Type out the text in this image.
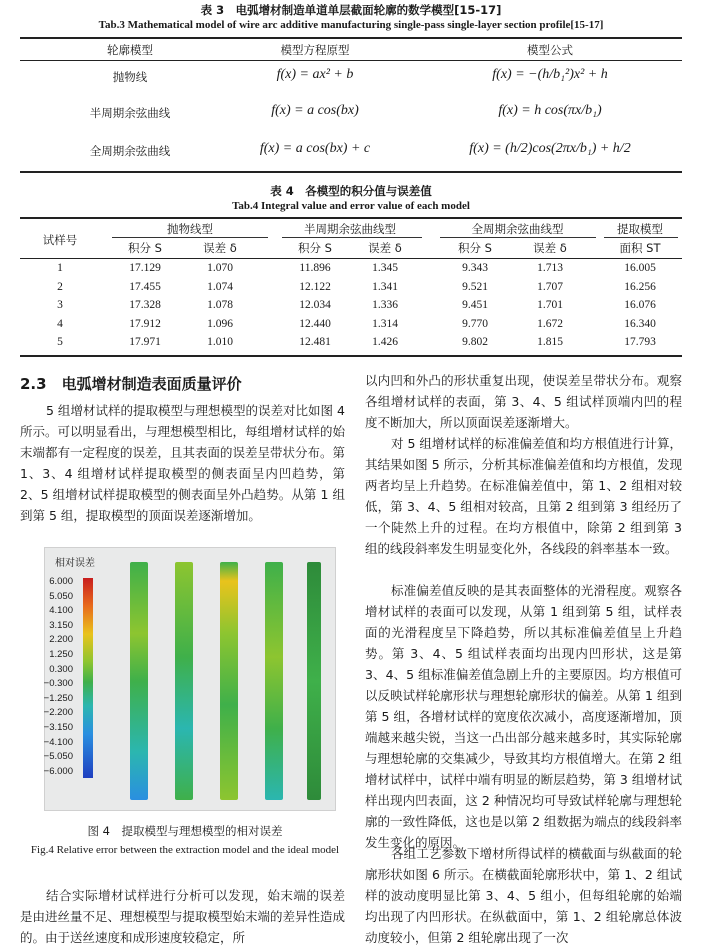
表 3　电弧增材制造单道单层截面轮廓的数学模型[15-17]
Tab.3 Mathematical model of wire arc additive manufacturing single-pass single-layer section profile[15-17]
轮廓模型	模型方程原型	模型公式
抛物线	f(x) = ax² + b	f(x) = −(h/b₁²)x² + h
半周期余弦曲线	f(x) = a cos(bx)	f(x) = h cos(πx/b₁)
全周期余弦曲线	f(x) = a cos(bx) + c	f(x) = (h/2)cos(2πx/b₁) + h/2
表 4　各模型的积分值与误差值
Tab.4 Integral value and error value of each model
试样号
抛物线型	半周期余弦曲线型	全周期余弦曲线型	提取模型
积分 S	误差 δ	积分 S	误差 δ	积分 S	误差 δ	面积 ST
1	17.129	1.070	11.896	1.345	9.343	1.713	16.005
2	17.455	1.074	12.122	1.341	9.521	1.707	16.256
3	17.328	1.078	12.034	1.336	9.451	1.701	16.076
4	17.912	1.096	12.440	1.314	9.770	1.672	16.340
5	17.971	1.010	12.481	1.426	9.802	1.815	17.793
2.3　电弧增材制造表面质量评价

5 组增材试样的提取模型与理想模型的误差对比如图 4 所示。可以明显看出，与理想模型相比，每组增材试样的始末端都有一定程度的误差，且其表面的误差呈带状分布。第 1、3、4 组增材试样提取模型的侧表面呈内凹趋势，第 2、5 组增材试样提取模型的侧表面呈外凸趋势。从第 1 组到第 5 组，提取模型的顶面误差逐渐增加。

相对误差
6.000
5.050
4.100
3.150
2.200
1.250
0.300
−0.300
−1.250
−2.200
−3.150
−4.100
−5.050
−6.000
图 4　提取模型与理想模型的相对误差
Fig.4 Relative error between the extraction model and the ideal model

结合实际增材试样进行分析可以发现，始末端的误差是由进丝量不足、理想模型与提取模型始末端的差异性造成的。由于送丝速度和成形速度较稳定，所

以内凹和外凸的形状重复出现，使误差呈带状分布。观察各组增材试样的表面，第 3、4、5 组试样顶端内凹的程度不断加大，所以顶面误差逐渐增大。

对 5 组增材试样的标准偏差值和均方根值进行计算，其结果如图 5 所示，分析其标准偏差值和均方根值，发现两者均呈上升趋势。在标准偏差值中，第 1、2 组相对较低，第 3、4、5 组相对较高，且第 2 组到第 3 组经历了一个陡然上升的过程。在均方根值中，除第 2 组到第 3 组的线段斜率发生明显变化外，各线段的斜率基本一致。

标准偏差值反映的是其表面整体的光滑程度。观察各增材试样的表面可以发现，从第 1 组到第 5 组，试样表面的光滑程度呈下降趋势，所以其标准偏差值呈上升趋势。第 3、4、5 组试样表面均出现内凹形状，这是第 3、4、5 组标准偏差值急剧上升的主要原因。均方根值可以反映试样轮廓形状与理想轮廓形状的偏差。从第 1 组到第 5 组，各增材试样的宽度依次减小，高度逐渐增加，顶端越来越尖锐，当这一凸出部分越来越多时，其实际轮廓与理想轮廓的交集减少，导致其均方根值增大。在第 2 组增材试样中，试样中端有明显的断层趋势，第 3 组增材试样出现内凹表面，这 2 种情况均可导致试样轮廓与理想轮廓的一致性降低，这也是以第 2 组数据为端点的线段斜率发生变化的原因。

各组工艺参数下增材所得试样的横截面与纵截面的轮廓形状如图 6 所示。在横截面轮廓形状中，第 1、2 组试样的波动度明显比第 3、4、5 组小，但每组轮廓的始端均出现了内凹形状。在纵截面中，第 1、2 组轮廓总体波动度较小，但第 2 组轮廓出现了一次
